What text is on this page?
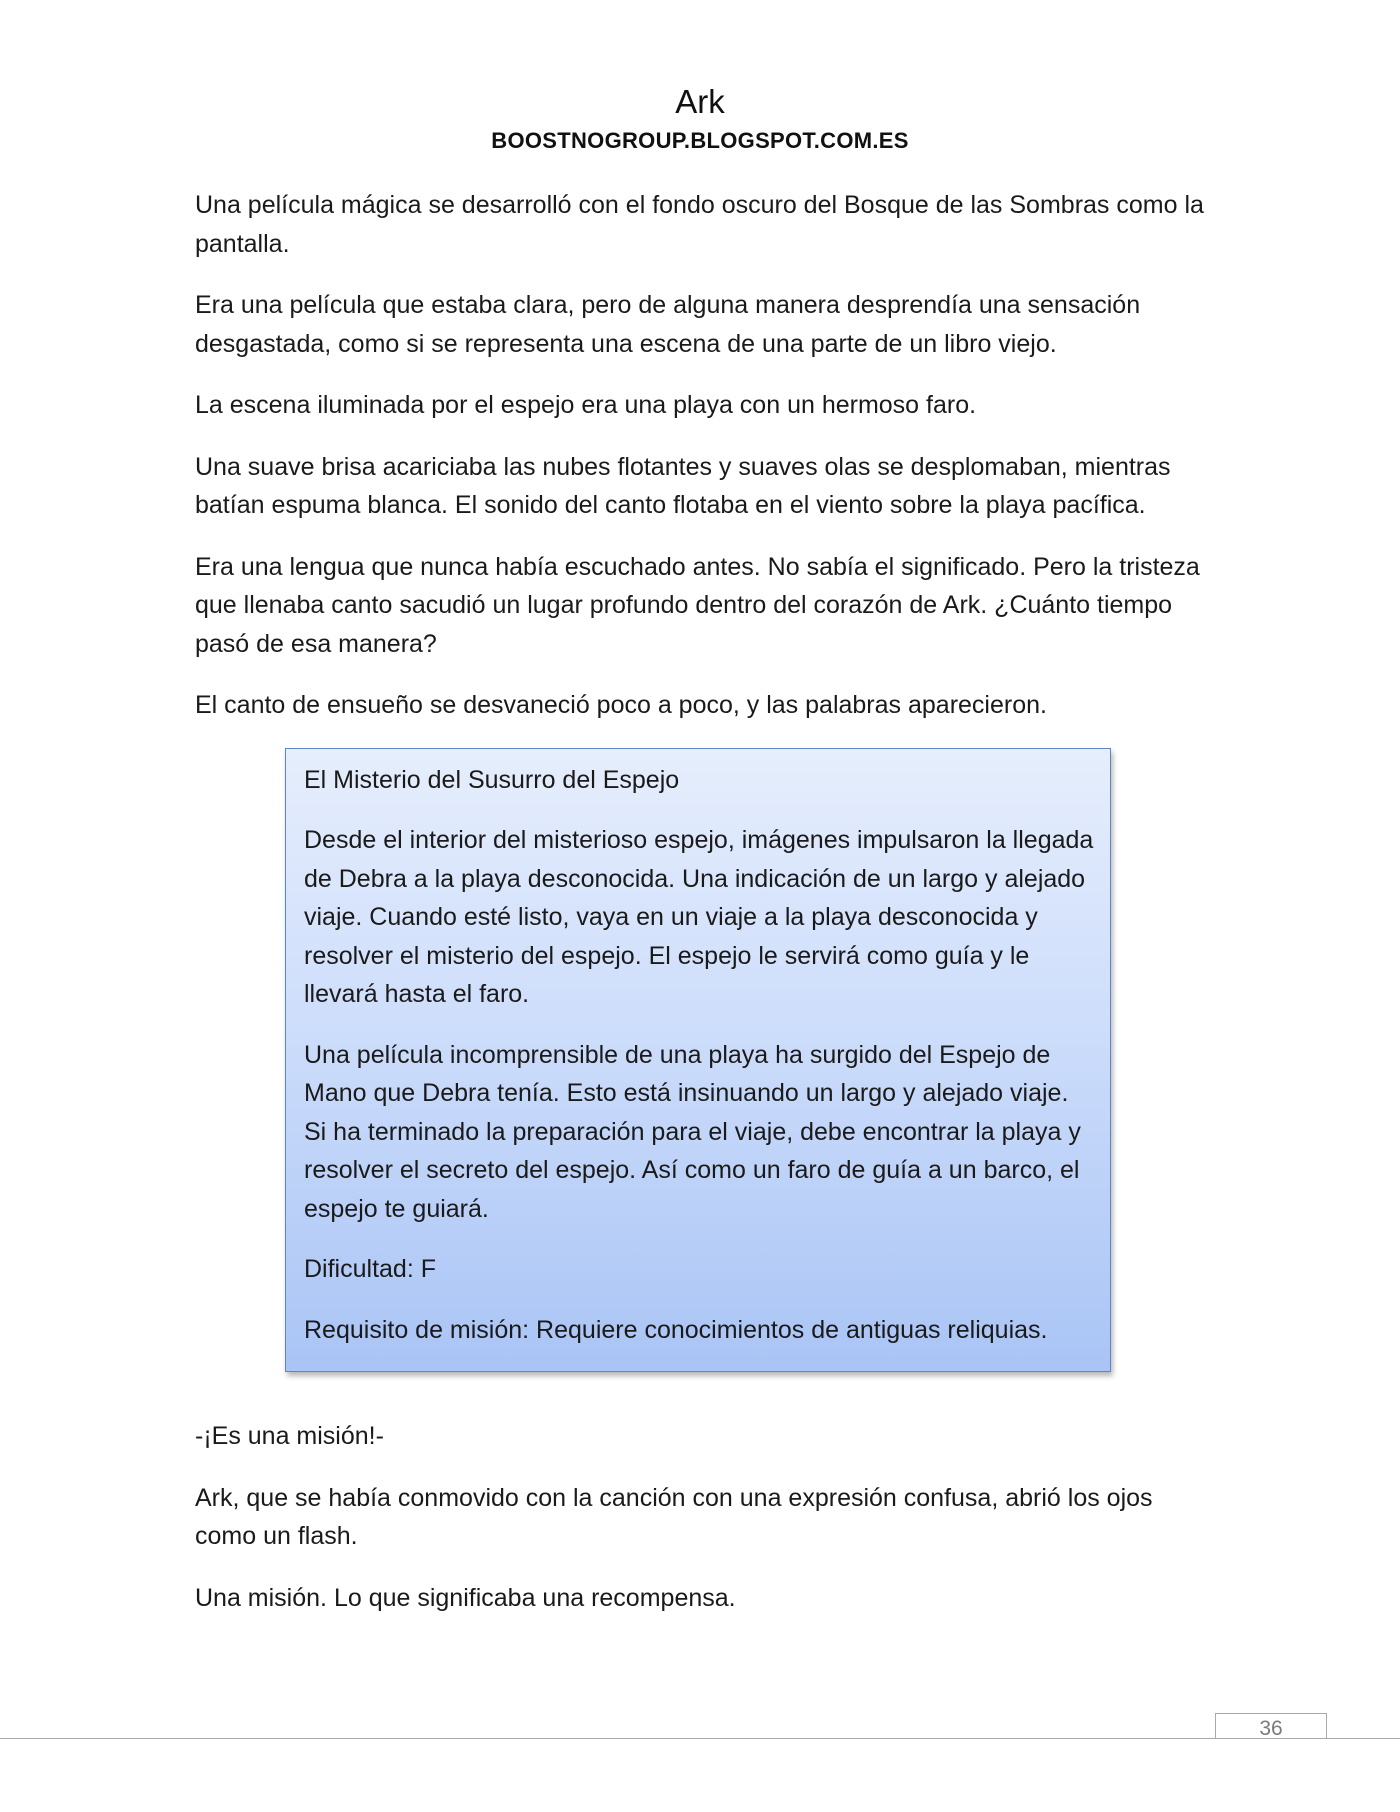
Ark
BOOSTNOGROUP.BLOGSPOT.COM.ES

Una película mágica se desarrolló con el fondo oscuro del Bosque de las Sombras como la pantalla.

Era una película que estaba clara, pero de alguna manera desprendía una sensación desgastada, como si se representa una escena de una parte de un libro viejo.

La escena iluminada por el espejo era una playa con un hermoso faro.

Una suave brisa acariciaba las nubes flotantes y suaves olas se desplomaban, mientras batían espuma blanca. El sonido del canto flotaba en el viento sobre la playa pacífica.

Era una lengua que nunca había escuchado antes. No sabía el significado. Pero la tristeza que llenaba canto sacudió un lugar profundo dentro del corazón de Ark. ¿Cuánto tiempo pasó de esa manera?

El canto de ensueño se desvaneció poco a poco, y las palabras aparecieron.

El Misterio del Susurro del Espejo

Desde el interior del misterioso espejo, imágenes impulsaron la llegada de Debra a la playa desconocida. Una indicación de un largo y alejado viaje. Cuando esté listo, vaya en un viaje a la playa desconocida y resolver el misterio del espejo. El espejo le servirá como guía y le llevará hasta el faro.

Una película incomprensible de una playa ha surgido del Espejo de Mano que Debra tenía. Esto está insinuando un largo y alejado viaje. Si ha terminado la preparación para el viaje, debe encontrar la playa y resolver el secreto del espejo. Así como un faro de guía a un barco, el espejo te guiará.

Dificultad: F

Requisito de misión: Requiere conocimientos de antiguas reliquias.

-¡Es una misión!-

Ark, que se había conmovido con la canción con una expresión confusa, abrió los ojos como un flash.

Una misión. Lo que significaba una recompensa.

36
